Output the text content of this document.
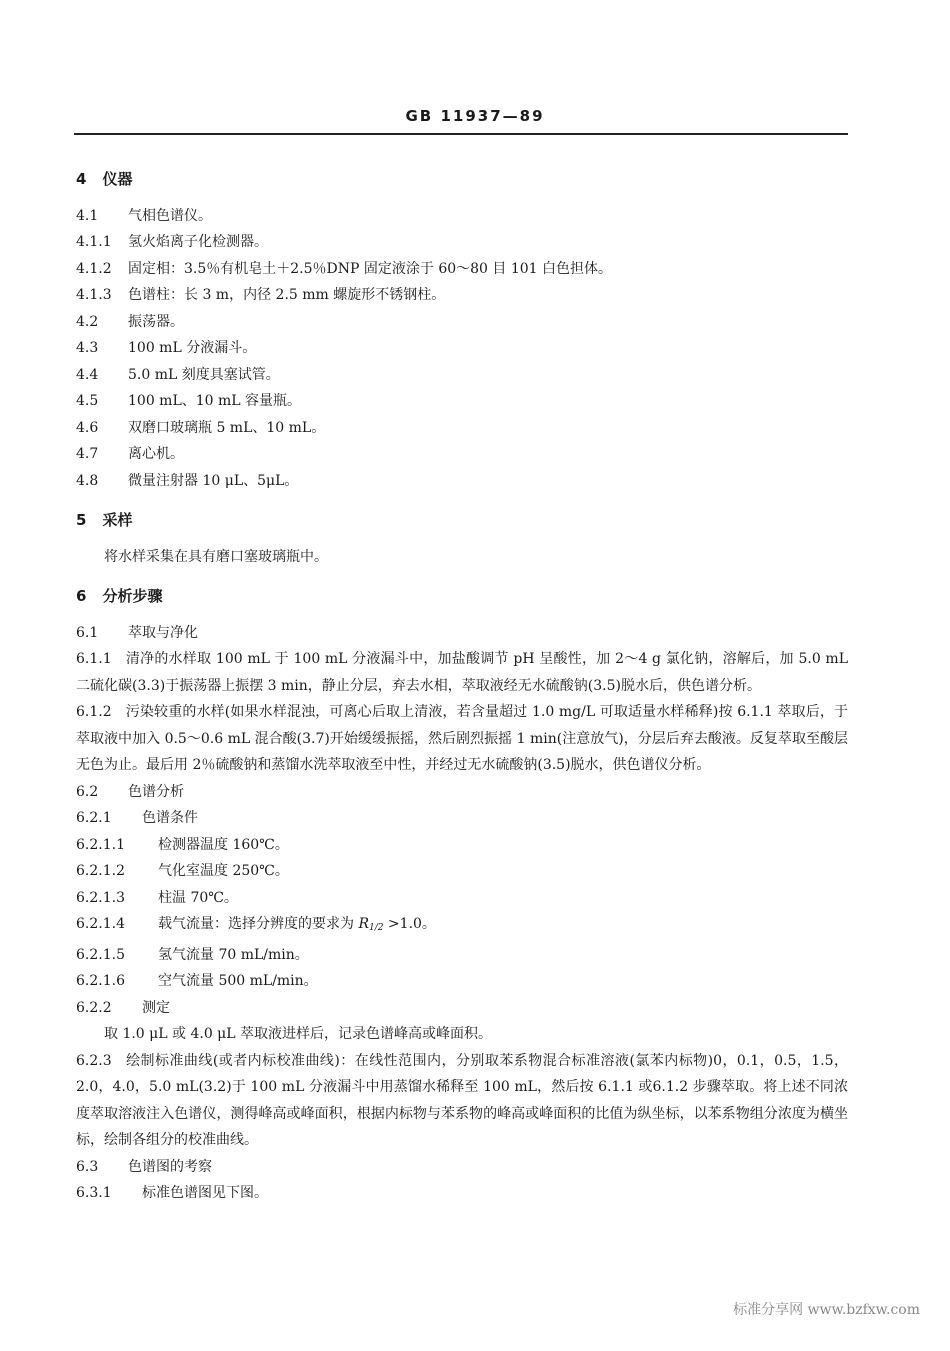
GB 11937—89
4 仪器
4.1	气相色谱仪。
4.1.1	氢火焰离子化检测器。
4.1.2	固定相：3.5％有机皂土＋2.5％DNP 固定液涂于 60～80 目 101 白色担体。
4.1.3	色谱柱：长 3 m，内径 2.5 mm 螺旋形不锈钢柱。
4.2	振荡器。
4.3	100 mL 分液漏斗。
4.4	5.0 mL 刻度具塞试管。
4.5	100 mL、10 mL 容量瓶。
4.6	双磨口玻璃瓶 5 mL、10 mL。
4.7	离心机。
4.8	微量注射器 10 μL、5μL。
5 采样

将水样采集在具有磨口塞玻璃瓶中。

6 分析步骤
6.1	萃取与净化

6.1.1 清净的水样取 100 mL 于 100 mL 分液漏斗中，加盐酸调节 pH 呈酸性，加 2～4 g 氯化钠，溶解后，加 5.0 mL 二硫化碳(3.3)于振荡器上振摆 3 min，静止分层，弃去水相，萃取液经无水硫酸钠(3.5)脱水后，供色谱分析。

6.1.2 污染较重的水样(如果水样混浊，可离心后取上清液，若含量超过 1.0 mg/L 可取适量水样稀释)按 6.1.1 萃取后，于萃取液中加入 0.5～0.6 mL 混合酸(3.7)开始缓缓振摇，然后剧烈振摇 1 min(注意放气)，分层后弃去酸液。反复萃取至酸层无色为止。最后用 2％硫酸钠和蒸馏水洗萃取液至中性，并经过无水硫酸钠(3.5)脱水，供色谱仪分析。

6.2	色谱分析
6.2.1	色谱条件
6.2.1.1	检测器温度 160℃。
6.2.1.2	气化室温度 250℃。
6.2.1.3	柱温 70℃。
6.2.1.4	载气流量：选择分辨度的要求为 $R_{1/2} >1.0$。
6.2.1.5	氢气流量 70 mL/min。
6.2.1.6	空气流量 500 mL/min。
6.2.2	测定

取 1.0 μL 或 4.0 μL 萃取液进样后，记录色谱峰高或峰面积。

6.2.3 绘制标准曲线(或者内标校准曲线)：在线性范围内，分别取苯系物混合标准溶液(氯苯内标物)0，0.1，0.5，1.5，2.0，4.0，5.0 mL(3.2)于 100 mL 分液漏斗中用蒸馏水稀释至 100 mL，然后按 6.1.1 或6.1.2 步骤萃取。将上述不同浓度萃取溶液注入色谱仪，测得峰高或峰面积，根据内标物与苯系物的峰高或峰面积的比值为纵坐标，以苯系物组分浓度为横坐标，绘制各组分的校准曲线。

6.3	色谱图的考察
6.3.1	标准色谱图见下图。
标准分享网 www.bzfxw.com
